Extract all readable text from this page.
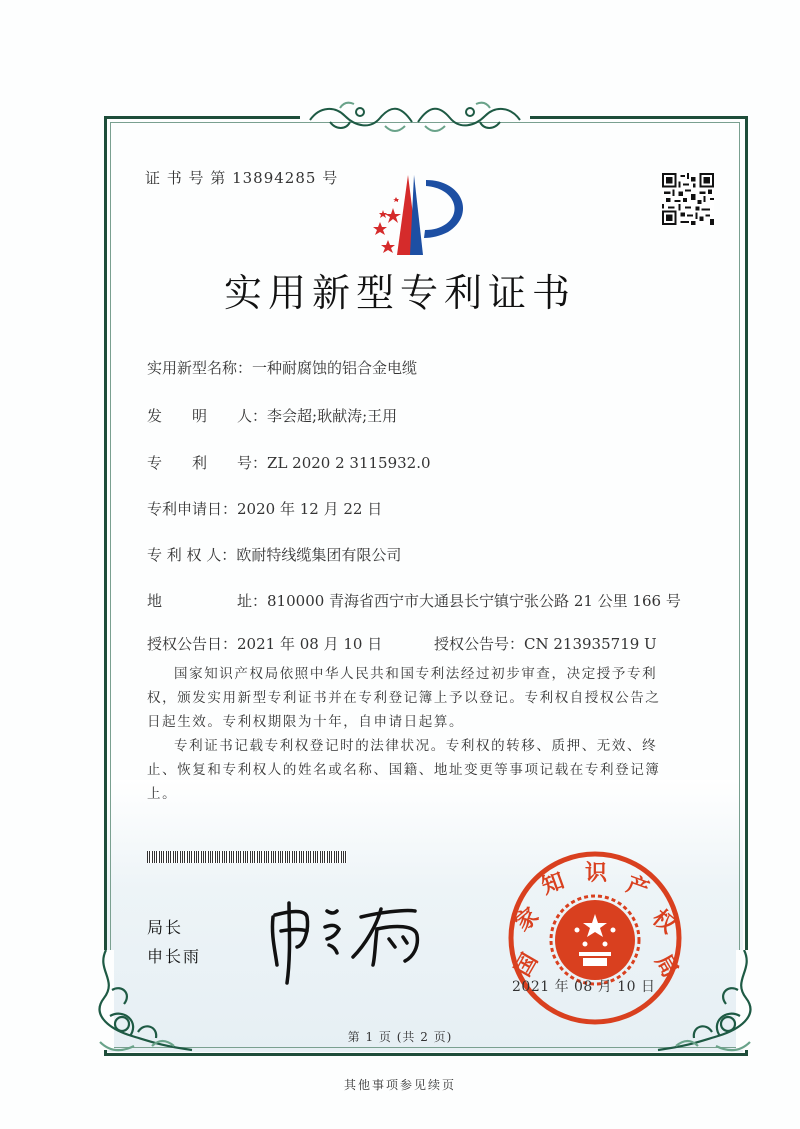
证 书 号 第 13894285 号
实用新型专利证书
实用新型名称：一种耐腐蚀的铝合金电缆
发　　明　　人：李会超;耿献涛;王用
专　　利　　号：ZL 2020 2 3115932.0
专利申请日：2020 年 12 月 22 日
专 利 权 人：欧耐特线缆集团有限公司
地　　　　　址：810000 青海省西宁市大通县长宁镇宁张公路 21 公里 166 号
授权公告日：2021 年 08 月 10 日	授权公告号：CN 213935719 U

国家知识产权局依照中华人民共和国专利法经过初步审查，决定授予专利权，颁发实用新型专利证书并在专利登记簿上予以登记。专利权自授权公告之日起生效。专利权期限为十年，自申请日起算。

专利证书记载专利权登记时的法律状况。专利权的转移、质押、无效、终止、恢复和专利权人的姓名或名称、国籍、地址变更等事项记载在专利登记簿上。

局长
申长雨	国
家
知 识 产
权
局
2021 年 08 月 10 日
第 1 页 (共 2 页)
其他事项参见续页
